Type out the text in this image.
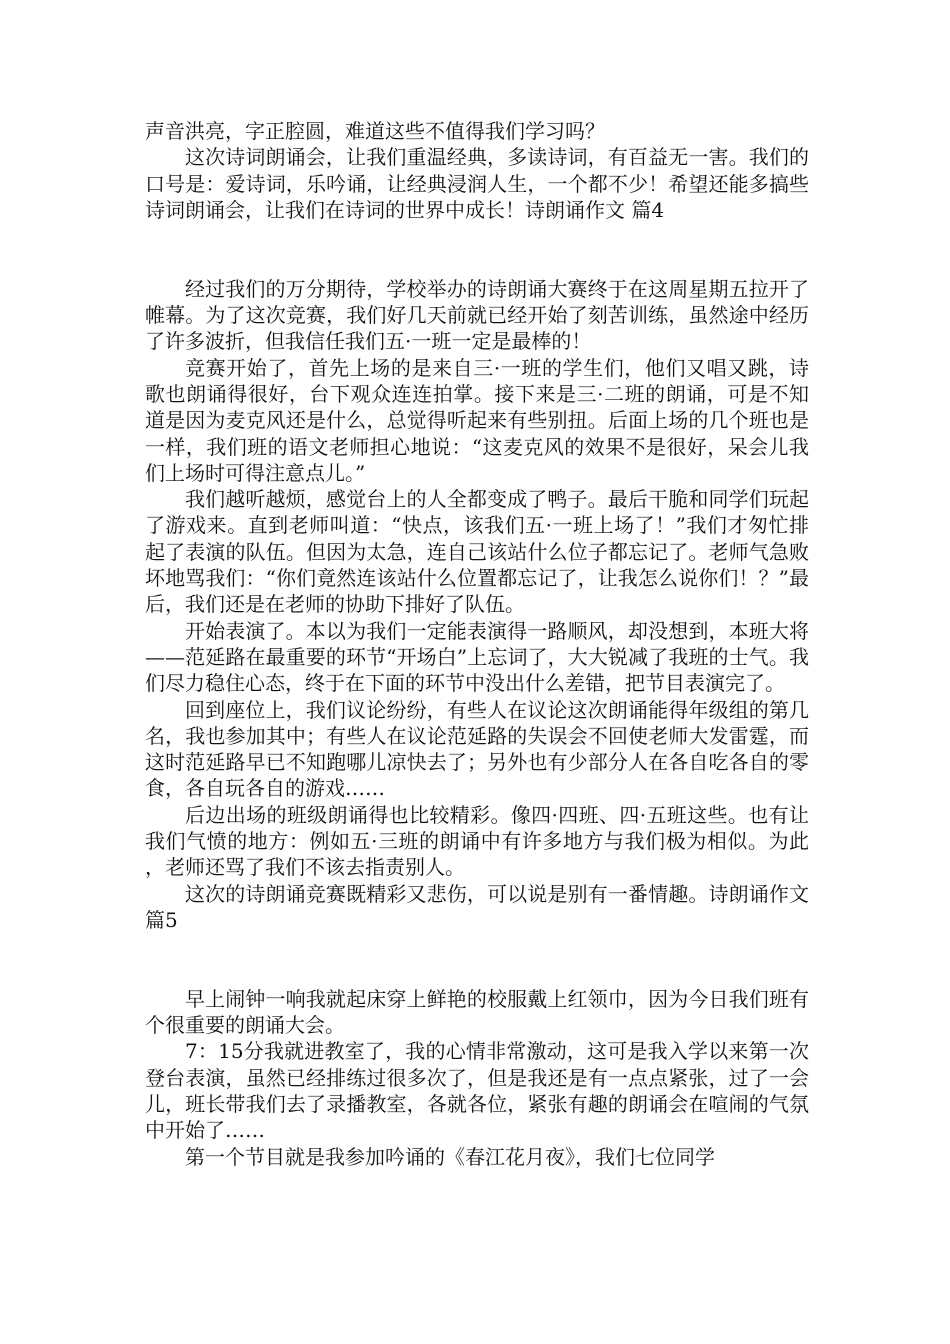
声音洪亮，字正腔圆，难道这些不值得我们学习吗？

这次诗词朗诵会，让我们重温经典，多读诗词，有百益无一害。我们的口号是：爱诗词，乐吟诵，让经典浸润人生，一个都不少！希望还能多搞些诗词朗诵会，让我们在诗词的世界中成长！诗朗诵作文 篇4

经过我们的万分期待，学校举办的诗朗诵大赛终于在这周星期五拉开了帷幕。为了这次竞赛，我们好几天前就已经开始了刻苦训练，虽然途中经历了许多波折，但我信任我们五·一班一定是最棒的！

竞赛开始了，首先上场的是来自三·一班的学生们，他们又唱又跳，诗歌也朗诵得很好，台下观众连连拍掌。接下来是三·二班的朗诵，可是不知道是因为麦克风还是什么，总觉得听起来有些别扭。后面上场的几个班也是一样，我们班的语文老师担心地说：“这麦克风的效果不是很好，呆会儿我们上场时可得注意点儿。”

我们越听越烦，感觉台上的人全都变成了鸭子。最后干脆和同学们玩起了游戏来。直到老师叫道：“快点，该我们五·一班上场了！”我们才匆忙排起了表演的队伍。但因为太急，连自己该站什么位子都忘记了。老师气急败坏地骂我们：“你们竟然连该站什么位置都忘记了，让我怎么说你们！？”最后，我们还是在老师的协助下排好了队伍。

开始表演了。本以为我们一定能表演得一路顺风，却没想到，本班大将——范延路在最重要的环节“开场白”上忘词了，大大锐减了我班的士气。我们尽力稳住心态，终于在下面的环节中没出什么差错，把节目表演完了。

回到座位上，我们议论纷纷，有些人在议论这次朗诵能得年级组的第几名，我也参加其中；有些人在议论范延路的失误会不回使老师大发雷霆，而这时范延路早已不知跑哪儿凉快去了；另外也有少部分人在各自吃各自的零食，各自玩各自的游戏……

后边出场的班级朗诵得也比较精彩。像四·四班、四·五班这些。也有让我们气愤的地方：例如五·三班的朗诵中有许多地方与我们极为相似。为此，老师还骂了我们不该去指责别人。

这次的诗朗诵竞赛既精彩又悲伤，可以说是别有一番情趣。诗朗诵作文 篇5

早上闹钟一响我就起床穿上鲜艳的校服戴上红领巾，因为今日我们班有个很重要的朗诵大会。

7：15分我就进教室了，我的心情非常激动，这可是我入学以来第一次登台表演，虽然已经排练过很多次了，但是我还是有一点点紧张，过了一会儿，班长带我们去了录播教室，各就各位，紧张有趣的朗诵会在喧闹的气氛中开始了……

第一个节目就是我参加吟诵的《春江花月夜》，我们七位同学
